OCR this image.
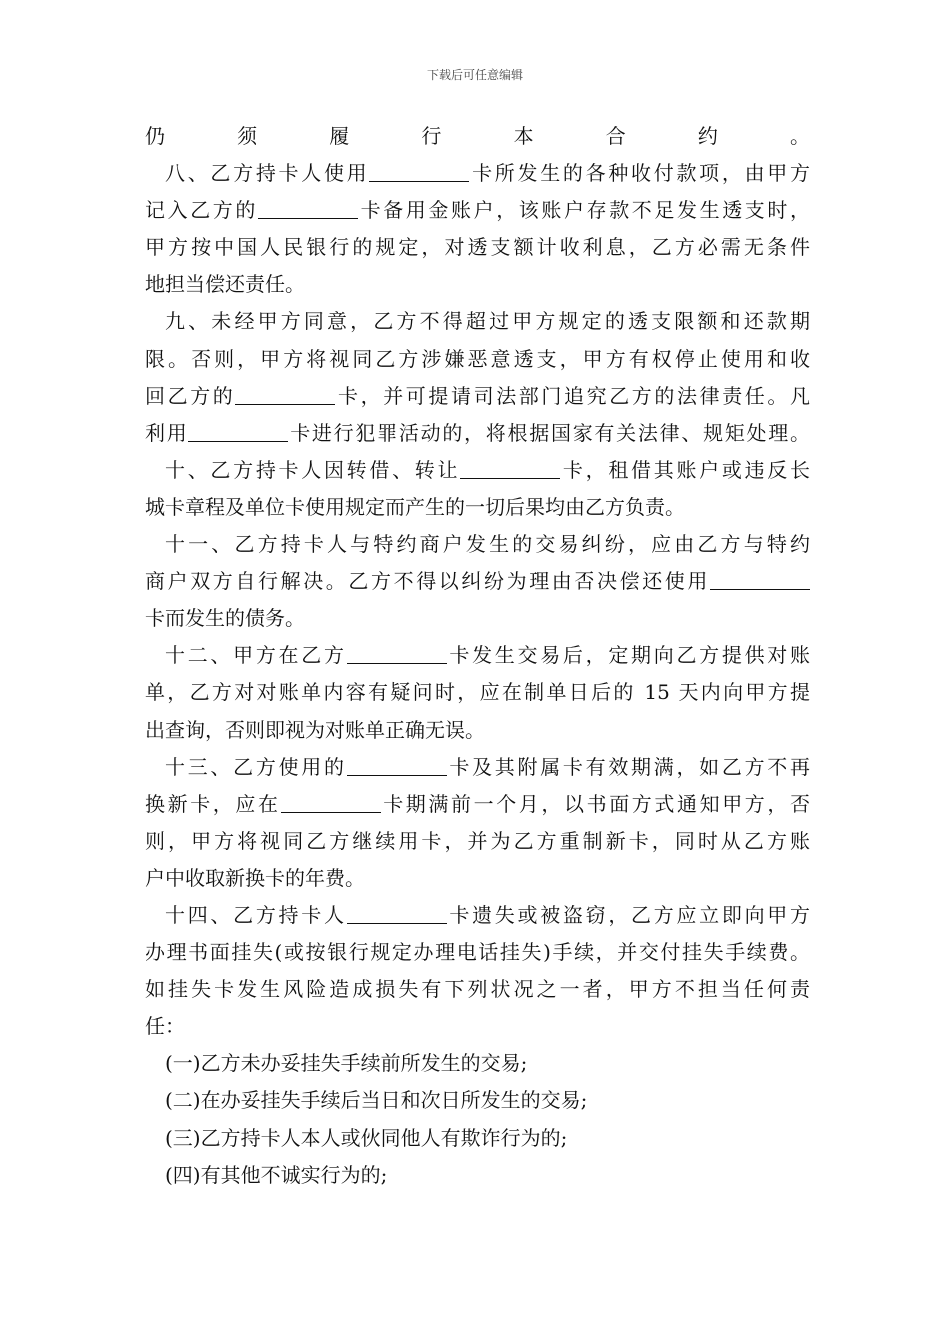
下载后可任意编辑
仍须履行本合约。
八、乙方持卡人使用	卡所发生的各种收付款项，由甲方
记入乙方的	卡备用金账户，该账户存款不足发生透支时，
甲方按中国人民银行的规定，对透支额计收利息，乙方必需无条件
地担当偿还责任。
九、未经甲方同意，乙方不得超过甲方规定的透支限额和还款期
限。否则，甲方将视同乙方涉嫌恶意透支，甲方有权停止使用和收
回乙方的	卡，并可提请司法部门追究乙方的法律责任。凡
利用	卡进行犯罪活动的，将根据国家有关法律、规矩处理。
十、乙方持卡人因转借、转让	卡，租借其账户或违反长
城卡章程及单位卡使用规定而产生的一切后果均由乙方负责。
十一、乙方持卡人与特约商户发生的交易纠纷，应由乙方与特约
商户双方自行解决。乙方不得以纠纷为理由否决偿还使用
卡而发生的债务。
十二、甲方在乙方	卡发生交易后，定期向乙方提供对账
单，乙方对对账单内容有疑问时，应在制单日后的 15 天内向甲方提
出查询，否则即视为对账单正确无误。
十三、乙方使用的	卡及其附属卡有效期满，如乙方不再
换新卡，应在	卡期满前一个月，以书面方式通知甲方，否
则，甲方将视同乙方继续用卡，并为乙方重制新卡，同时从乙方账
户中收取新换卡的年费。
十四、乙方持卡人	卡遗失或被盗窃，乙方应立即向甲方
办理书面挂失(或按银行规定办理电话挂失)手续，并交付挂失手续费。
如挂失卡发生风险造成损失有下列状况之一者，甲方不担当任何责
任：
(一)乙方未办妥挂失手续前所发生的交易;
(二)在办妥挂失手续后当日和次日所发生的交易;
(三)乙方持卡人本人或伙同他人有欺诈行为的;
(四)有其他不诚实行为的;
